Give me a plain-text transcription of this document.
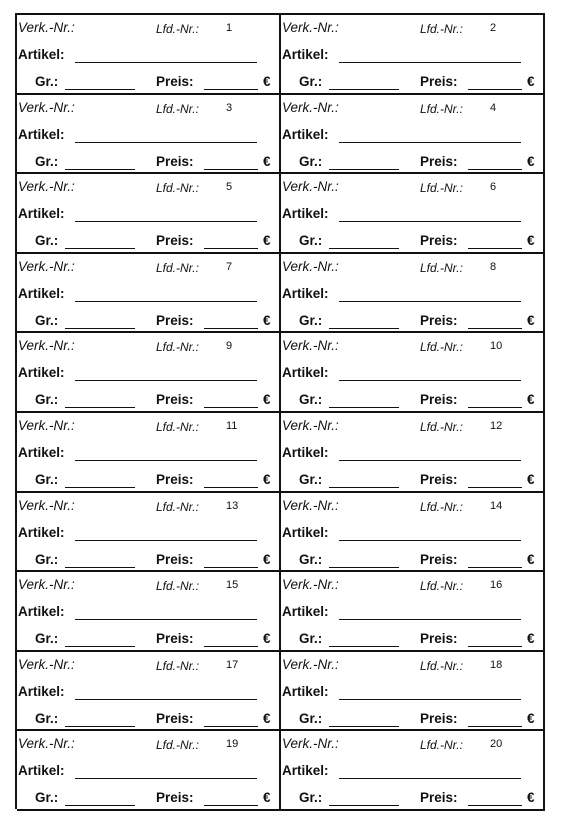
Verk.-Nr.:	Lfd.-Nr.: 1
Artikel:
Gr.:	Preis:	€
Verk.-Nr.:	Lfd.-Nr.: 2
Artikel:
Gr.:	Preis:	€
Verk.-Nr.:	Lfd.-Nr.: 3
Artikel:
Gr.:	Preis:	€
Verk.-Nr.:	Lfd.-Nr.: 4
Artikel:
Gr.:	Preis:	€
Verk.-Nr.:	Lfd.-Nr.: 5
Artikel:
Gr.:	Preis:	€
Verk.-Nr.:	Lfd.-Nr.: 6
Artikel:
Gr.:	Preis:	€
Verk.-Nr.:	Lfd.-Nr.: 7
Artikel:
Gr.:	Preis:	€
Verk.-Nr.:	Lfd.-Nr.: 8
Artikel:
Gr.:	Preis:	€
Verk.-Nr.:	Lfd.-Nr.: 9
Artikel:
Gr.:	Preis:	€
Verk.-Nr.:	Lfd.-Nr.: 10
Artikel:
Gr.:	Preis:	€
Verk.-Nr.:	Lfd.-Nr.: 11
Artikel:
Gr.:	Preis:	€
Verk.-Nr.:	Lfd.-Nr.: 12
Artikel:
Gr.:	Preis:	€
Verk.-Nr.:	Lfd.-Nr.: 13
Artikel:
Gr.:	Preis:	€
Verk.-Nr.:	Lfd.-Nr.: 14
Artikel:
Gr.:	Preis:	€
Verk.-Nr.:	Lfd.-Nr.: 15
Artikel:
Gr.:	Preis:	€
Verk.-Nr.:	Lfd.-Nr.: 16
Artikel:
Gr.:	Preis:	€
Verk.-Nr.:	Lfd.-Nr.: 17
Artikel:
Gr.:	Preis:	€
Verk.-Nr.:	Lfd.-Nr.: 18
Artikel:
Gr.:	Preis:	€
Verk.-Nr.:	Lfd.-Nr.: 19
Artikel:
Gr.:	Preis:	€
Verk.-Nr.:	Lfd.-Nr.: 20
Artikel:
Gr.:	Preis:	€
